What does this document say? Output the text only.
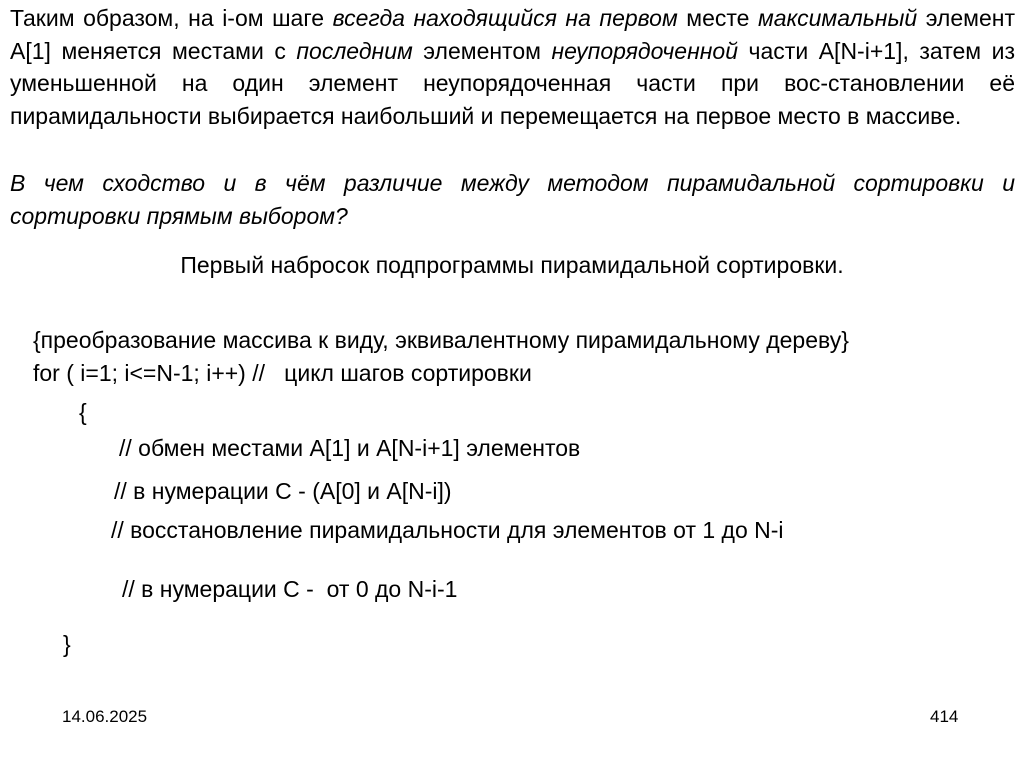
Таким образом, на i-ом шаге всегда находящийся на первом месте максимальный элемент A[1] меняется местами с последним элементом неупорядоченной части A[N-i+1], затем из уменьшенной на один элемент неупорядоченная части при вос-становлении её пирамидальности выбирается наибольший и перемещается на первое место в массиве.

В чем сходство и в чём различие между методом пирамидальной сортировки и сортировки прямым выбором?

Первый набросок подпрограммы пирамидальной сортировки.

{преобразование массива к виду, эквивалентному пирамидальному дереву}
for ( i=1; i<=N-1; i++) //   цикл шагов сортировки
{
// обмен местами A[1] и A[N-i+1] элементов
// в нумерации C - (A[0] и A[N-i])
// восстановление пирамидальности для элементов от 1 до N-i
// в нумерации C -  от 0 до N-i-1
}
14.06.2025	414
